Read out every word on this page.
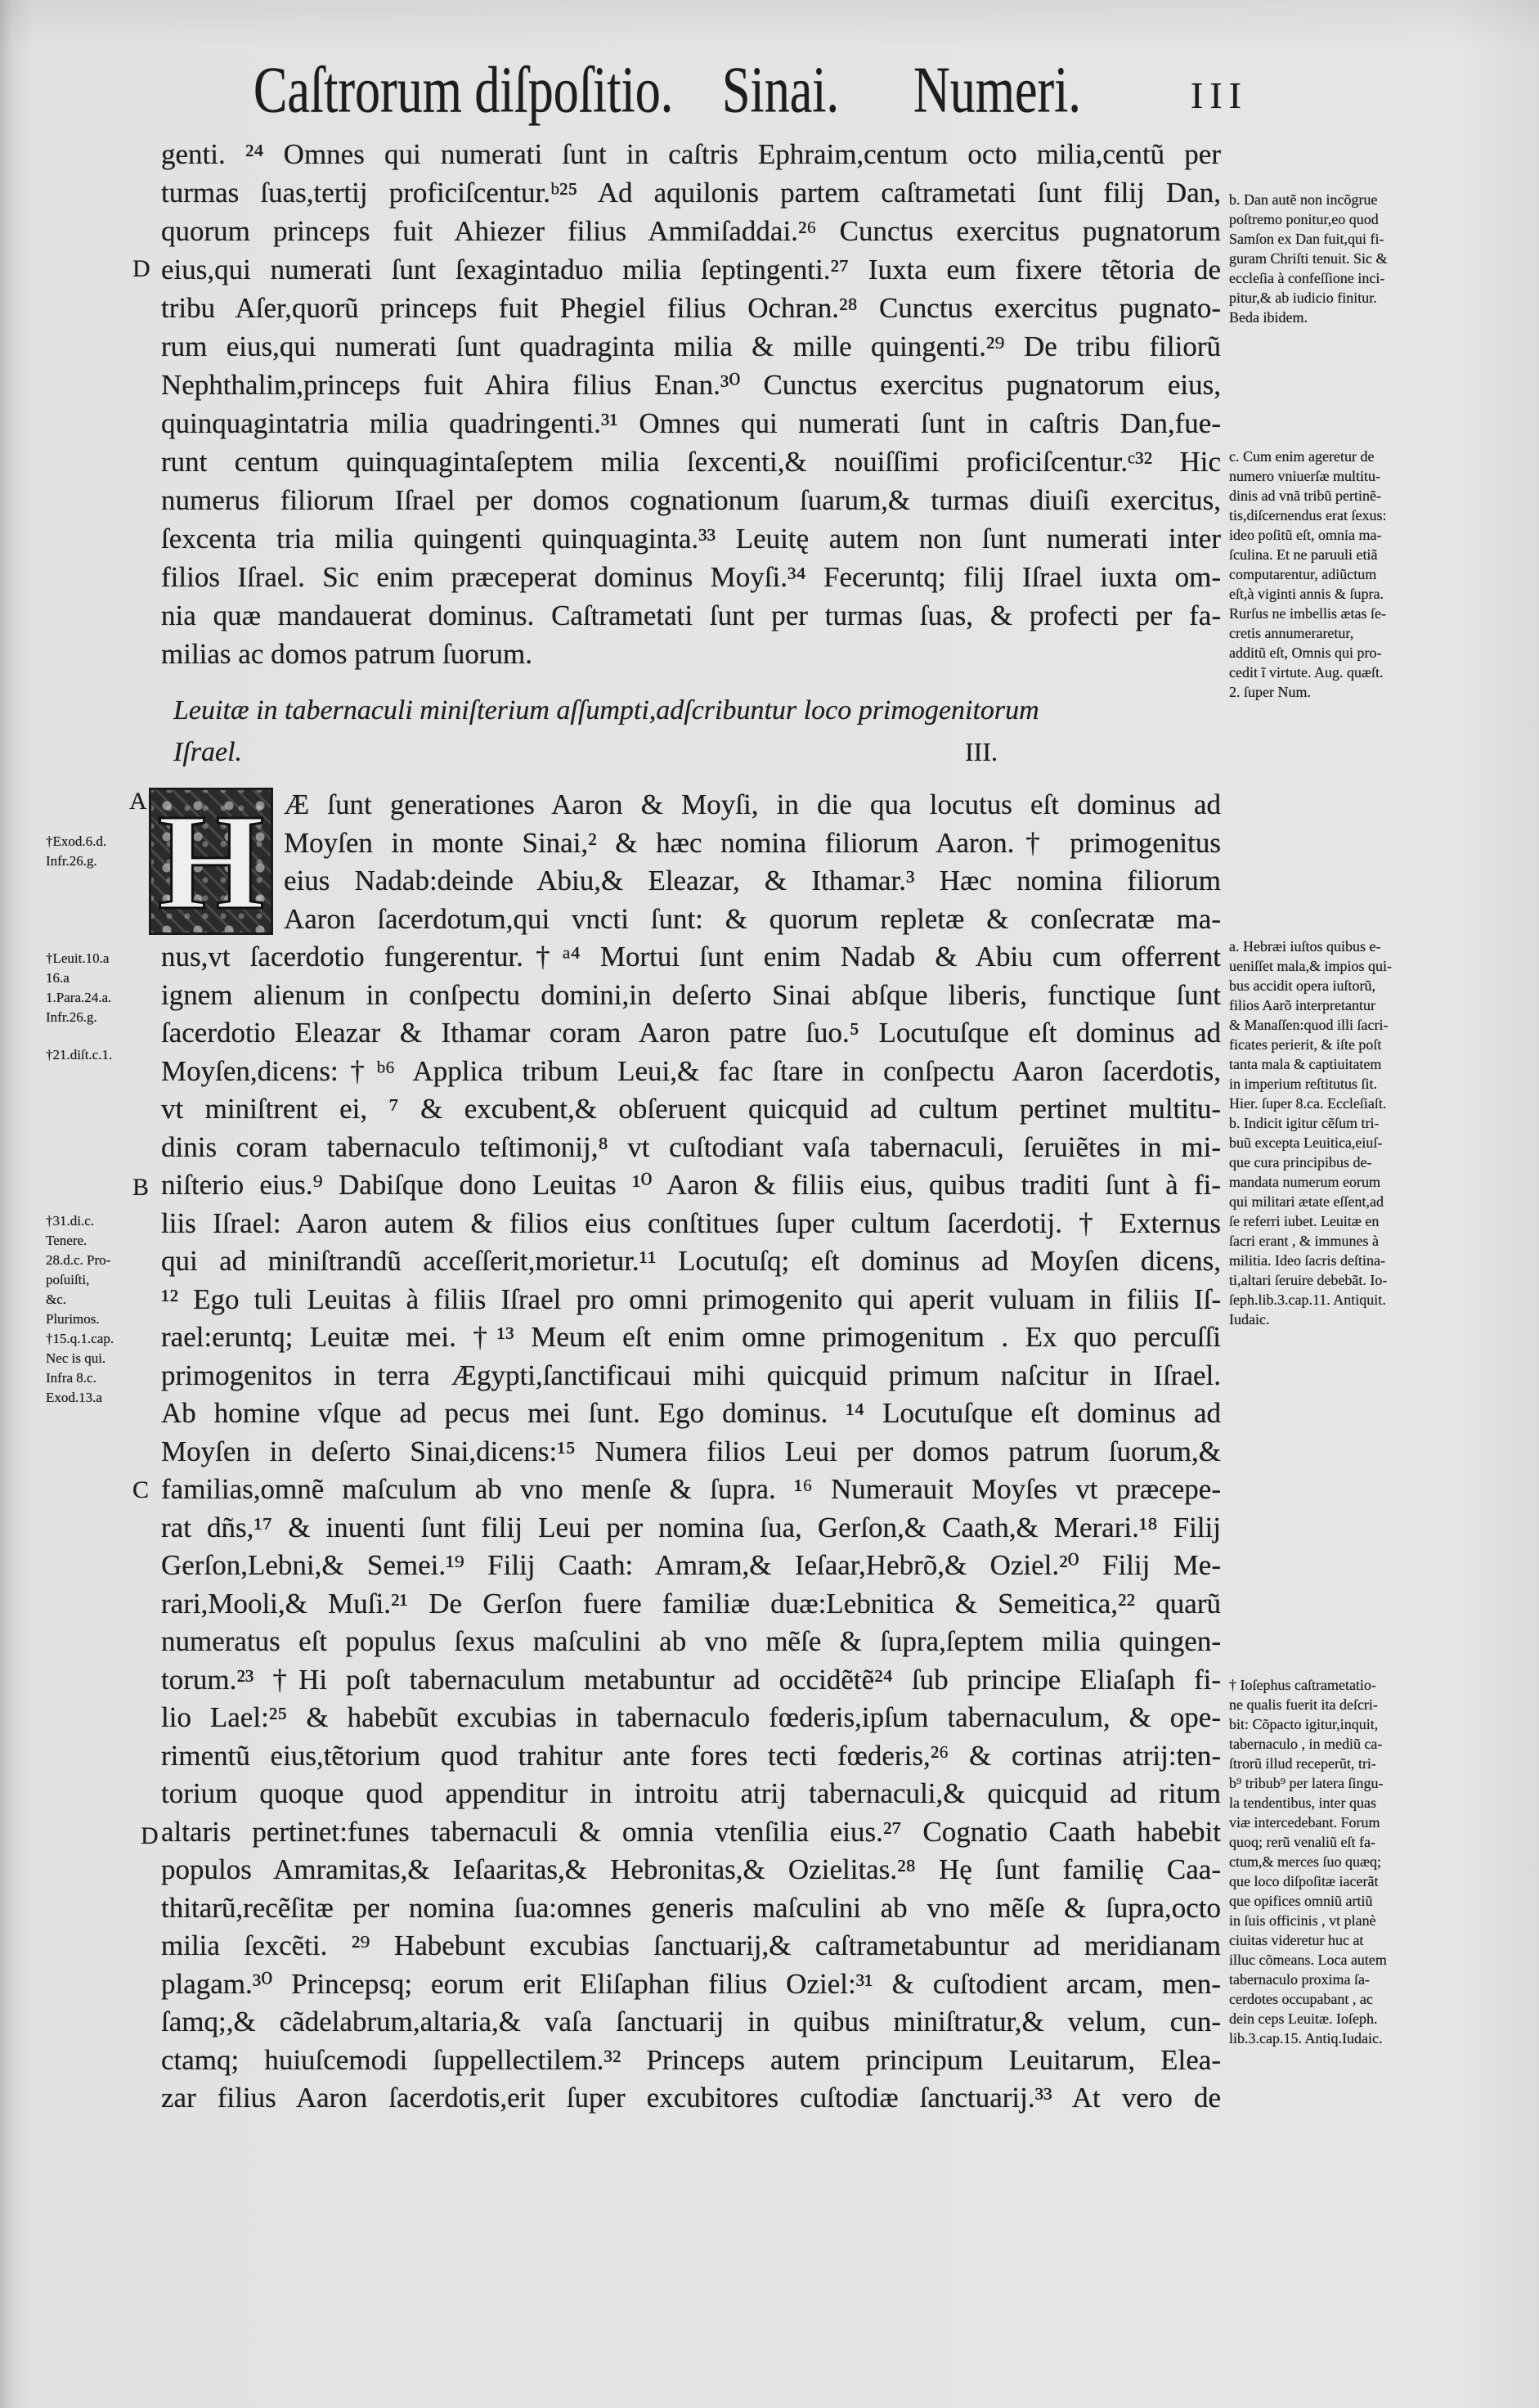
Caſtrorum diſpoſitio. Sinai. Numeri.	III
D
A
B
C
D
genti. ²⁴ Omnes qui numerati ſunt in caſtris Ephraim,centum octo milia,centũ per
turmas ſuas,tertij proficiſcentur.ᵇ²⁵ Ad aquilonis partem caſtrametati ſunt filij Dan,
quorum princeps fuit Ahiezer filius Ammiſaddai.²⁶ Cunctus exercitus pugnatorum
eius,qui numerati ſunt ſexagintaduo milia ſeptingenti.²⁷ Iuxta eum fixere tẽtoria de
tribu Aſer,quorũ princeps fuit Phegiel filius Ochran.²⁸ Cunctus exercitus pugnato-
rum eius,qui numerati ſunt quadraginta milia & mille quingenti.²⁹ De tribu filiorũ
Nephthalim,princeps fuit Ahira filius Enan.³⁰ Cunctus exercitus pugnatorum eius,
quinquagintatria milia quadringenti.³¹ Omnes qui numerati ſunt in caſtris Dan,fue-
runt centum quinquagintaſeptem milia ſexcenti,& nouiſſimi proficiſcentur.ᶜ³² Hic
numerus filiorum Iſrael per domos cognationum ſuarum,& turmas diuiſi exercitus,
ſexcenta tria milia quingenti quinquaginta.³³ Leuitę autem non ſunt numerati inter
filios Iſrael. Sic enim præceperat dominus Moyſi.³⁴ Feceruntq; filij Iſrael iuxta om-
nia quæ mandauerat dominus. Caſtrametati ſunt per turmas ſuas, & profecti per fa-
milias ac domos patrum ſuorum.
Leuitæ in tabernaculi miniſterium aſſumpti,adſcribuntur loco primogenitorum
Iſrael.	III.
H Æ ſunt generationes Aaron & Moyſi, in die qua locutus eſt dominus ad
Moyſen in monte Sinai,² & hæc nomina filiorum Aaron.† primogenitus
eius Nadab:deinde Abiu,& Eleazar, & Ithamar.³ Hæc nomina filiorum
Aaron ſacerdotum,qui vncti ſunt: & quorum repletæ & conſecratæ ma-
nus,vt ſacerdotio fungerentur.†ᵃ⁴ Mortui ſunt enim Nadab & Abiu cum offerrent
ignem alienum in conſpectu domini,in deſerto Sinai abſque liberis, functique ſunt
ſacerdotio Eleazar & Ithamar coram Aaron patre ſuo.⁵ Locutuſque eſt dominus ad
Moyſen,dicens:†ᵇ⁶ Applica tribum Leui,& fac ſtare in conſpectu Aaron ſacerdotis,
vt miniſtrent ei, ⁷ & excubent,& obſeruent quicquid ad cultum pertinet multitu-
dinis coram tabernaculo teſtimonij,⁸ vt cuſtodiant vaſa tabernaculi, ſeruiẽtes in mi-
niſterio eius.⁹ Dabiſque dono Leuitas ¹⁰ Aaron & filiis eius, quibus traditi ſunt à fi-
liis Iſrael: Aaron autem & filios eius conſtitues ſuper cultum ſacerdotij. † Externus
qui ad miniſtrandũ acceſſerit,morietur.¹¹ Locutuſq; eſt dominus ad Moyſen dicens,
¹² Ego tuli Leuitas à filiis Iſrael pro omni primogenito qui aperit vuluam in filiis Iſ-
rael:eruntq; Leuitæ mei. †¹³ Meum eſt enim omne primogenitum . Ex quo percuſſi
primogenitos in terra Ægypti,ſanctificaui mihi quicquid primum naſcitur in Iſrael.
Ab homine vſque ad pecus mei ſunt. Ego dominus. ¹⁴ Locutuſque eſt dominus ad
Moyſen in deſerto Sinai,dicens:¹⁵ Numera filios Leui per domos patrum ſuorum,&
familias,omnẽ maſculum ab vno menſe & ſupra. ¹⁶ Numerauit Moyſes vt præcepe-
rat dñs,¹⁷ & inuenti ſunt filij Leui per nomina ſua, Gerſon,& Caath,& Merari.¹⁸ Filij
Gerſon,Lebni,& Semei.¹⁹ Filij Caath: Amram,& Ieſaar,Hebrõ,& Oziel.²⁰ Filij Me-
rari,Mooli,& Muſi.²¹ De Gerſon fuere familiæ duæ:Lebnitica & Semeitica,²² quarũ
numeratus eſt populus ſexus maſculini ab vno mẽſe & ſupra,ſeptem milia quingen-
torum.²³ †Hi poſt tabernaculum metabuntur ad occidẽtẽ²⁴ ſub principe Eliaſaph fi-
lio Lael:²⁵ & habebũt excubias in tabernaculo fœderis,ipſum tabernaculum, & ope-
rimentũ eius,tẽtorium quod trahitur ante fores tecti fœderis,²⁶ & cortinas atrij:ten-
torium quoque quod appenditur in introitu atrij tabernaculi,& quicquid ad ritum
altaris pertinet:funes tabernaculi & omnia vtenſilia eius.²⁷ Cognatio Caath habebit
populos Amramitas,& Ieſaaritas,& Hebronitas,& Ozielitas.²⁸ Hę ſunt familię Caa-
thitarũ,recẽſitæ per nomina ſua:omnes generis maſculini ab vno mẽſe & ſupra,octo
milia ſexcẽti. ²⁹ Habebunt excubias ſanctuarij,& caſtrametabuntur ad meridianam
plagam.³⁰ Princepsq; eorum erit Eliſaphan filius Oziel:³¹ & cuſtodient arcam, men-
ſamq;,& cãdelabrum,altaria,& vaſa ſanctuarij in quibus miniſtratur,& velum, cun-
ctamq; huiuſcemodi ſuppellectilem.³² Princeps autem principum Leuitarum, Elea-
zar filius Aaron ſacerdotis,erit ſuper excubitores cuſtodiæ ſanctuarij.³³ At vero de
b. Dan autẽ non incõgrue
poſtremo ponitur,eo quod
Samſon ex Dan fuit,qui fi-
guram Chriſti tenuit. Sic &
eccleſia à confeſſione inci-
pitur,& ab iudicio finitur.
Beda ibidem.
c. Cum enim ageretur de
numero vniuerſæ multitu-
dinis ad vnã tribũ pertinẽ-
tis,diſcernendus erat ſexus:
ideo poſitũ eſt, omnia ma-
ſculina. Et ne paruuli etiã
computarentur, adiũctum
eſt,à viginti annis & ſupra.
Rurſus ne imbellis ætas ſe-
cretis annumeraretur,
additũ eſt, Omnis qui pro-
cedit ĩ virtute. Aug. quæſt.
2. ſuper Num.
a. Hebræi iuſtos quibus e-
ueniſſet mala,& impios qui-
bus accidit opera iuſtorũ,
filios Aarõ interpretantur
& Manaſſen:quod illi ſacri-
ficates perierit, & iſte poſt
tanta mala & captiuitatem
in imperium reſtitutus ſit.
Hier. ſuper 8.ca. Eccleſiaſt.
b. Indicit igitur cẽſum tri-
buũ excepta Leuitica,eiuſ-
que cura principibus de-
mandata numerum eorum
qui militari ætate eſſent,ad
ſe referri iubet. Leuitæ en
ſacri erant , & immunes à
militia. Ideo ſacris deſtina-
ti,altari ſeruire debebãt. Io-
ſeph.lib.3.cap.11. Antiquit.
Iudaic.
† Ioſephus caſtrametatio-
ne qualis fuerit ita deſcri-
bit: Cõpacto igitur,inquit,
tabernaculo , in mediũ ca-
ſtrorũ illud receperũt, tri-
b⁹ tribub⁹ per latera ſingu-
la tendentibus, inter quas
viæ intercedebant. Forum
quoq; rerũ venaliũ eſt fa-
ctum,& merces ſuo quæq;
que loco diſpoſitæ iacerãt
que opifices omniũ artiũ
in ſuis officinis , vt planè
ciuitas videretur huc at
illuc cõmeans. Loca autem
tabernaculo proxima ſa-
cerdotes occupabant , ac
dein ceps Leuitæ. Ioſeph.
lib.3.cap.15. Antiq.Iudaic.
†Exod.6.d.
Infr.26.g.
†Leuit.10.a
16.a
1.Para.24.a.
Infr.26.g.
†21.diſt.c.1.
†31.di.c.
Tenere.
28.d.c. Pro-
poſuiſti,
&c.
Plurimos.
†15.q.1.cap.
Nec is qui.
Infra 8.c.
Exod.13.a
